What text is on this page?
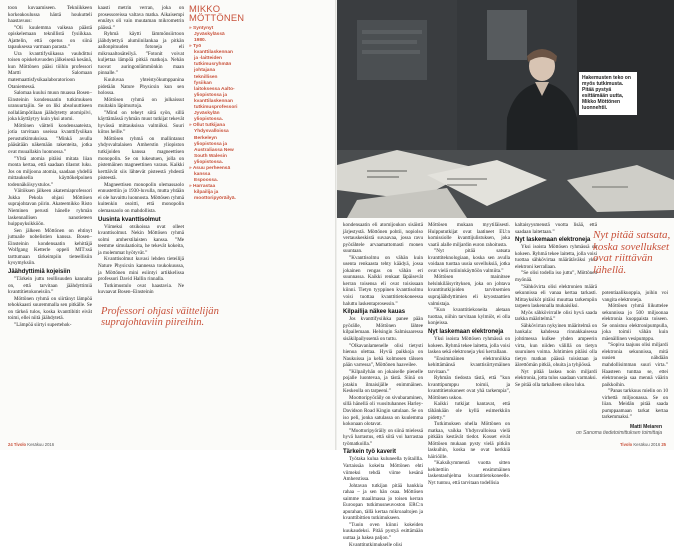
toon kuvaamiseen. Tekniikkeen korkeakoulussa häntä houkutteli haastavuus:

”Oli kuulemma vaikeaa päästä opiskelemaan teknillistä fysiikkaa. Ajattelin, että opetus on siinä tapauksessa varmaan parasta.”

Ura kvanttifysiikassa vauhdittui toisen opiskeluvuoden jälkeisenä kesänä, kun Möttönen pääsi töihin professori Martti Salomaan matemaattisfysikaalaboratorioon Otaniemessä.

Salomaa kuului muun muassa Bosen–Einsteinin kondensaatin tutkimuksen uranuurtajiin. Se on liki absoluuttiseen nollalämpötilaan jäähdytetty atomipilvi, joka käyttäytyy kuin yksi atomi.

Möttönen väitteli kondensaateista, jotia tarvitaan useissa kvanttifysiikan perustutkimuksissa. ”Minkä avulla pääsätään näkemään rakenteita, jotka ovat muuallakin luonnossa.”

”Yhtä atomia pitäisi mitata liian monta kertaa, että saadaan tilastot luku. Jos on miljoona atomia, saadaan yhdellä mittauksella käyttökelpoinen todennäköisyystulos.”

Väitöksen jälkeen akatemiaprofessori Jukka Pekola ohjasi Möttösen suprajohtavan piirin. Akateemikko Risto Nieminen perusti hänelle ryhmän laskennallisen nanotieteen huippuyksikköön.

Sen jälkeen Möttönen on ehtinyt juttuaile nobelistien kanssa. Bosen–Einsteinin kondensaatin kehittäjä Wolfgang Ketterle oppeli MIT:ssä tarttumaan tärkeimpiin tieteellisiin kysymyksiin.

Jäähdyttimiä kojeisiin

”Tärkein juttu teollisuuden kannalta on, että tarvitaan jäähdyttimiä kvanttitietokoneisiin.”

Möttönen ryhmä on siirtänyt lämpöä tehokkaasti suuremmalla sen pitkälle. Se on tärkeä tulos, koska kvanttibitit eivät toimi, ellei niitä jäähdytetä.

”Lämpöä siirtyi supertehok-

kaasti metrin verran, joka on prosessoreissa valtava matka. Aikaisempi ennätys oli vain muutaman mikrometrin päässä.”

Ryhmä käytti lämmönsiirtoon jäähdytettyä alumiinilankaa ja pitkän aallonpituuden fotoneja eli mikroaaltosäteilyä. ”Fotonit voivat kuljettaa lämpöä pitkiä matkoja. Nehän tuovat auringonlämmönkin maan pinnalle.”

Kuuluvaa yhteistyökumppanina pidetään Nature Physicsin kun sen holossa.

Möttösen ryhmä on julkaissut muitakin läpimurtoja.

”Mind on teheyt siitä syön, sillä käyttämässä ryhmän muut tutkijat tekevät hyvässä mittauksissa valmiiksi. Suuri kiitos heille.”

Möttösen ryhmä on mallintanut yhdysvaltalaisen Amherstin yliopiston tutkijoiden kanssa magneettisen monopolin. Se on lukeutuen, jolla on pistemäinen magneettinen varaus. Kaikki kerttäivät siis lähtevät pisteestä yhdestä pisteestä.

Magneettisen monopolin olemassaolo ennustettiin jo 1930-luvulla, mutta yhtään ei ole havaittu luonnosta. Möttösen ryhmä kuitenkin osoitti, että monopolin olemassaolo on mahdollista.

Uusinta kvanttisolmut

Viimeksi otsikoissa ovat olleet kvanttisolmut. Nekin Möttösen ryhmä solmi amherstilaisten kanssa. ”Me teemme simulaatioita, he tekevät kokeita, ja molemmat hyötyvät.”

Kvanttisolmut kuvasi lehden tieteilijä Nature Physicsin kannessa toukokuussa, ja Möttönen mini esiintyi artikkelissa professori David Hallin rinnalla.

Tutkimustulo ovat haastavia. Ne kuvaavat Bosen–Einsteinin

MIKKO MÖTTÖNEN
» Syntynyt Jyväskylässä 1980.
» Työ kvanttilaskennan ja -laitteiden tutkimusryhmän johtajana teknillisen fysiikan laitoksessa Aalto-yliopistossa ja kvanttilaskennan tutkimusprofessori Jyväskylän yliopistossa.
» Ollut tutkijana Yhdysvalloissa Berkeleyn yliopistossa ja Australiassa New South Walesin yliopistossa.
» Asuu perheensä kanssa Espoossa.
» Harrastaa kilpailija ja moottoripyöräilyä.
Professori ohjasi väittelijän suprajohtaviin piireihin.
24 Tivolo Kesäkuu 2016
Hakemusten teko on myös tutkimusta. Pitää pystyä esittämään uutta, Mikko Möttönen luonnehtii.

kondensaatin eli atomijoukon sisäistä järjestystä. Möttönen pohtii, nopiolso vertauskeskistä suvaavaa, jossa ravu pyörähtele arvaamattomasti monen suuntaan.

”Kvanttisolmu on vähän kuin usenta renkaasta tehty käädyä, jossa jokainen rengas on vähän eri suunnassa. Kaikki renkaat läpäisevät kerran toisensa eli ovat toisissaan kiinni. Tietyn tyyppinen kvanttisolmu voisi tuottaa kvanttitietokoneessa haluttu laskentaprosessin.”

Kilpailija näkee kauas

Jos kvanttifysiikka panee pään pyörälle, Möttönen lähtee kilpailemaan. Helsingin Salmisaaressa sisäkilpailyssemä on tuttu.

”Olkavanlamenelle olisi tietysti hienoa olettaa. Hyviä paikkoja on Naukuissa ja kehä kolmosen tälssen pään varressa”, Möttönen haaveilee.

”Kilpailyhän on jokaiselle pienelle pojalle luontevaa, ja tästä. Siinä on jotakin ilmaisijälle enimmäinen. Keskeolla on tarpeeni.”

Moottoripyöräily on sivubaraminen, sillä hänellä oli vuosituhannes Harley-Davidson Road Kingin satulaan. Se on iso peli, jonka satulassa on kuulemma kokonaan olotavat.

”Moottoripyöräily on siinä mielessä hyvä harrastus, että siitä voi harrastaa työmatkoilla.”

Tärkein työ kaverit

Työtaka kulua kuluneella työtaillla. Vartaissäa kokeita Möttönen ehti viimeksi tehdä viime kesänä Amherstissa.

Johtavan tutkijan pitää hankkia rahaa – ja sen hän osaa. Möttösen saimme maailmassa jo toisen kerran Euroopan tutkimusneuvoston ERC:n apurahan, tällä kertaa mikroaaltojen ja kvanttibittien tutkimukseen.

”Tuoin oven kiinni kokeiden kuukaudeksi. Pitää pystyä esittämään uuttaa ja hakea paljon.”

Kvanttitutkimukselle olisi

Möttösen mukaan myytiläisesti. Huippututkijat ovat laatineet EU:n komissiolle kvanttijulistuksen, joka vaatii alalle miljardin euron rahoitusta.

”Nyt pitää satsata kvanttiteknologiaan, koska sen avulla voidaan tuottaa uusia sovelluksiä, jotka ovat vielä rutiininkäyttöön valmiita.”

Möttösen mainitsee helsinkiläisyrityksen, joka on johtava kvanttitutkijoiden tarvitsemien suprajäähdyttimien eli kryostaattien valmistaja.

”Kun kvanttitiekoneita aletaan tuottaa, niihin tarvitaan kylmiöt, ei olla konjeissa.

Nyt laskemaan elektroneja

Yksi isoista Möttösen ryhmässä on kokeen. Ryhmä tekee laitetta, jolla voisi laskea sekä elektroneja yksi kerrallaan.

”Ensimmäinen elektroniikka kehittämänsä kvanttisiirtymäinen tarvitaan.”

Ryhmän tiedosta tästä, että ”kun kvanttipumppu toimii, ja kvanttitietokoneet ovat yhä tarkempia”, Möttönen uskoo.

Kaikki tutkijat kantavat, että tähänkään ole kyllä esimerkkiin pidetty.”

Tutkimuksen ohella Möttönen on matkaa, vaikka Yhdysvalloissa vielä pitkään kestävät tiedot. Kosset eivät Möttösen mukaan pysty vielä pitkiin laskuihin, koska ne ovat herkkiä häiriöille.

”Kaksikymmentä vuotta sitten kehitettiin ensimmäinen laskentaohjelma kvanttitietokoneelle. Nyt tuntuu, että tarvitaan todellisia

kaltaisyysmenstä vuotta lisää, että saadaan laitettaan.”

Nyt laskemaan elektroneja

Yksi isoista Möttösen ryhmässä on kokeen. Ryhmä tekee laitetta, jolla voisi tuottaa sähkövirtaa määrätäväksi yksi elektroni kerrallaan.

”Se olisi todella iso juttu”, Möttönen myönää.

”Sähkövirta olisi elektronien määrä sekunnissa eli vanaa kertaa tarkasti. Mittayksiköt pitäisi muuttaa tarkempiin tarpeen laskennalla mukaisiksi.

Myös sähkövirralle olisi hyvä saada tarkka määritelmä.”

Sähkövirran nykyinen määritelmä on hankala: kahdessa rinnakkaisessa johtimessa kulkee yhden ampeerin virta, kun niiden välillä on tietyn suuruinen voima. Johtimien pitäisi olla tietyn matkan päässä toisistaan ja äärettömän pitkiä, ohuita ja tyhjiössä.

Nyt pitää laskea noin miljardi elektronia, jotta tulos saadaan varmaksi. Se pitää olla tarkalleen oikea luku.

Nyt pitää satsata, koska sovellukset ovat riittävän lähellä.

potentiaalikuoppia, joihin voi vangita elektroneja.

Möttösen ryhmä liikuttelee sekunnissa jo 500 miljoonaa elektronia kuoppaista toiseen. Se onnistuu elektronipumpulla, joka toimii vähän kuin mäenällinen vesipumppu.

”Sopiva taajuus olisi miljardi elektronia sekunnissa, mitä uusien nähdään mahdollisimman suuri virta.” Haasteen tunttaa se, ettei elektronoeja saa mennä väärin paikkoihin.

”Panas tarkkuus mielin on 10 virhettä miljoonassa. Se on liian. Meidän pitää saada pumppaamaan tarkat kertaa tarkemmaksi.”

Matti Meiaren
on Sanoma tiedetoimittuksen toimittaja
Tivolo Kesäkuu 2016 25
